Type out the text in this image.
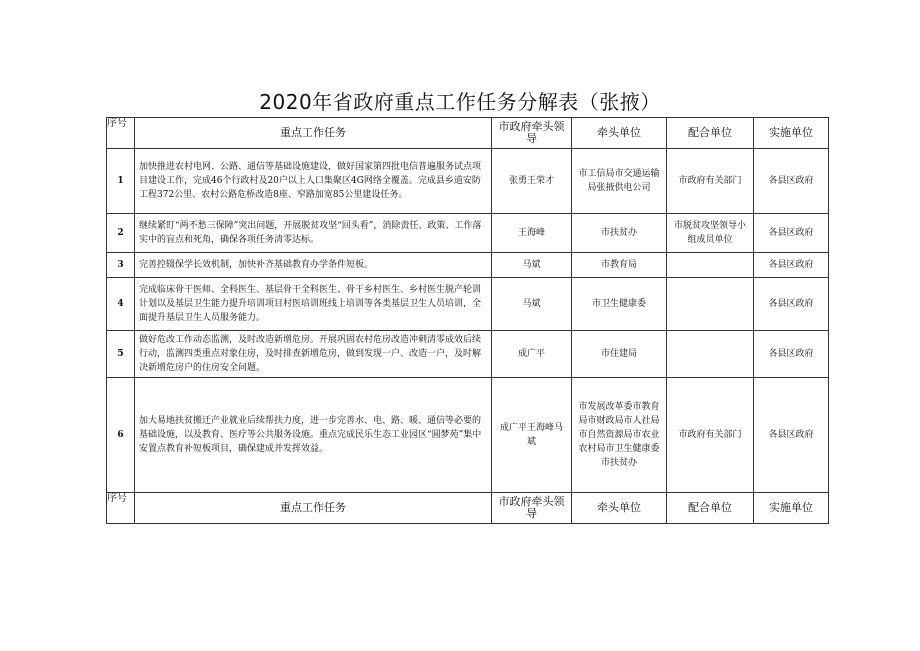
2020年省政府重点工作任务分解表（张掖）
序号	重点工作任务	市政府牵头领导	牵头单位	配合单位	实施单位
1	加快推进农村电网、公路、通信等基础设施建设，做好国家第四批电信普遍服务试点项目建设工作，完成46个行政村及20户以上人口集聚区4G网络全覆盖。完成县乡道安防工程372公里、农村公路危桥改造8座、窄路加宽85公里建设任务。	张勇王荣才	市工信局市交通运输局张掖供电公司	市政府有关部门	各县区政府
2	继续紧盯“两不愁三保障”突出问题，开展脱贫攻坚“回头看”，消除责任、政策、工作落实中的盲点和死角，确保各项任务清零达标。	王海峰	市扶贫办	市脱贫攻坚领导小组成员单位	各县区政府
3	完善控辍保学长效机制，加快补齐基础教育办学条件短板。	马斌	市教育局		各县区政府
4	完成临床骨干医师、全科医生、基层骨干全科医生、骨干乡村医生、乡村医生脱产轮训计划以及基层卫生能力提升培训项目村医培训班线上培训等各类基层卫生人员培训，全面提升基层卫生人员服务能力。	马斌	市卫生健康委		各县区政府
5	做好危改工作动态监测，及时改造新增危房。开展巩固农村危房改造冲刺清零成效后续行动，监测四类重点对象住房，及时排查新增危房，做到发现一户、改造一户，及时解决新增危房户的住房安全问题。	成广平	市住建局		各县区政府
6	加大易地扶贫搬迁产业就业后续帮扶力度，进一步完善水、电、路、暖、通信等必要的基础设施，以及教育、医疗等公共服务设施。重点完成民乐生态工业园区“圆梦苑”集中安置点教育补短板项目，确保建成并发挥效益。	成广平王海峰马斌	市发展改革委市教育局市财政局市人社局市自然资源局市农业农村局市卫生健康委市扶贫办	市政府有关部门	各县区政府
序号	重点工作任务	市政府牵头领导	牵头单位	配合单位	实施单位
